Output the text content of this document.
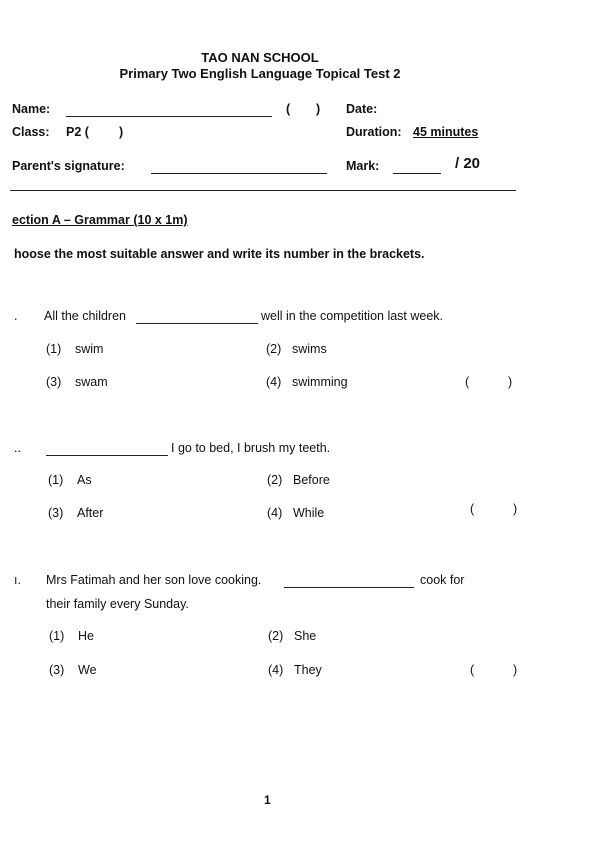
TAO NAN SCHOOL
Primary Two English Language Topical Test 2
Name:	( ) Date:
Class: P2 ( )	Duration: 45 minutes
Parent's signature:	Mark:	/ 20
ection A – Grammar (10 x 1m)
hoose the most suitable answer and write its number in the brackets.
. All the children	well in the competition last week.
(1) swim	(2) swims
(3) swam	(4) swimming	(	)
..	I go to bed, I brush my teeth.
(1) As	(2) Before
(3) After	(4) While	(	)
ı. Mrs Fatimah and her son love cooking.	cook for
their family every Sunday.
(1) He	(2) She
(3) We	(4) They	(	)
1
